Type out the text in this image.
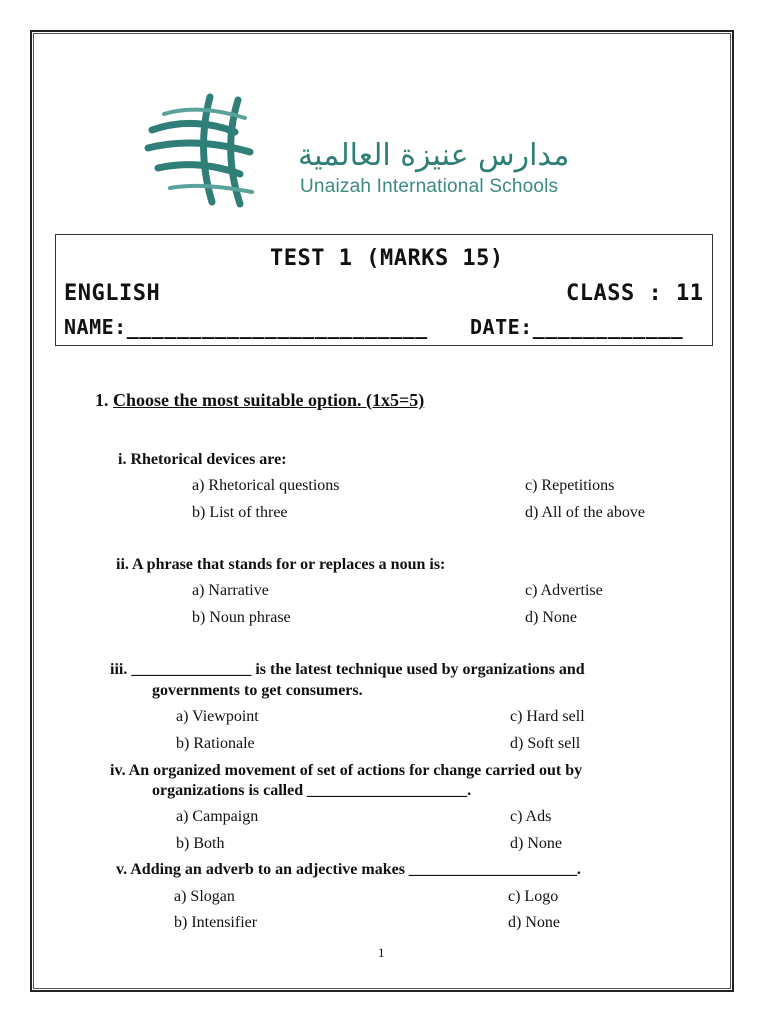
مدارس عنيزة العالمية
Unaizah International Schools
TEST 1 (MARKS 15)
ENGLISH	CLASS : 11
NAME:________________________ DATE:____________
1. Choose the most suitable option. (1x5=5)
i. Rhetorical devices are:
a) Rhetorical questions
b) List of three
c) Repetitions
d) All of the above
ii. A phrase that stands for or replaces a noun is:
a) Narrative
b) Noun phrase
c) Advertise
d) None
iii. _______________ is the latest technique used by organizations and
governments to get consumers.
a) Viewpoint
b) Rationale
c) Hard sell
d) Soft sell
iv. An organized movement of set of actions for change carried out by
organizations is called ____________________.
a) Campaign
b) Both
c) Ads
d) None
v. Adding an adverb to an adjective makes _____________________.
a) Slogan
b) Intensifier
c) Logo
d) None
1
